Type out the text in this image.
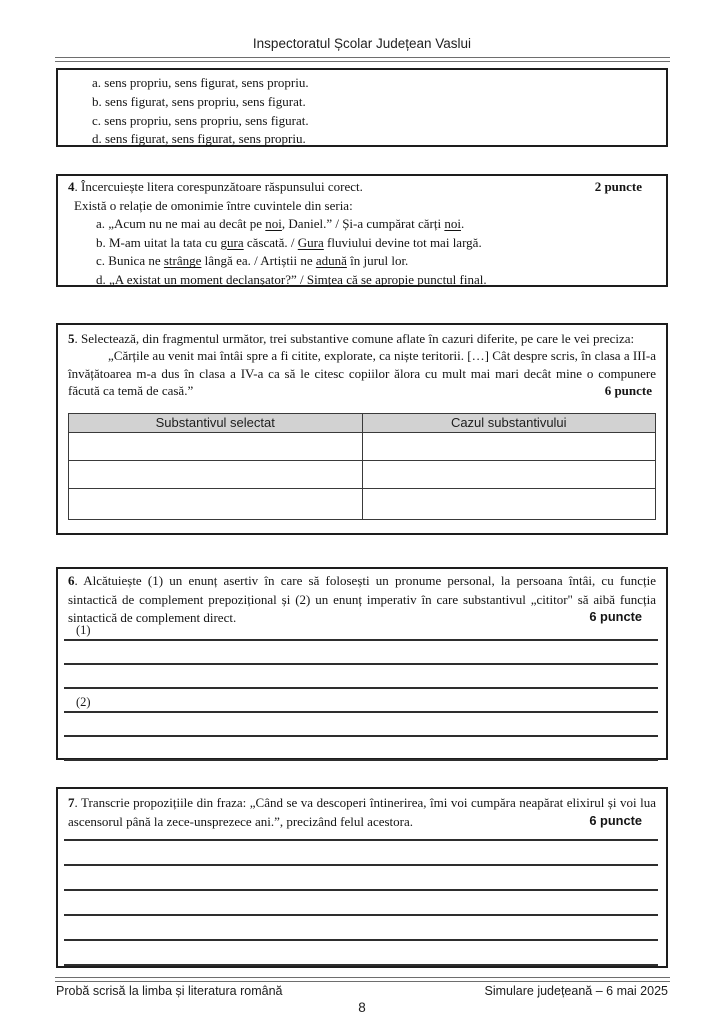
Inspectoratul Școlar Județean Vaslui
a. sens propriu, sens figurat, sens propriu.
b. sens figurat, sens propriu, sens figurat.
c. sens propriu, sens propriu, sens figurat.
d. sens figurat, sens figurat, sens propriu.
4. Încercuiește litera corespunzătoare răspunsului corect.	2 puncte
Există o relație de omonimie între cuvintele din seria:
a. „Acum nu ne mai au decât pe noi, Daniel.” / Și-a cumpărat cărți noi.
b. M-am uitat la tata cu gura căscată. / Gura fluviului devine tot mai largă.
c. Bunica ne strânge lângă ea. / Artiștii ne adună în jurul lor.
d. „A existat un moment declanșator?” / Simțea că se apropie punctul final.
5. Selectează, din fragmentul următor, trei substantive comune aflate în cazuri diferite, pe care le vei preciza:
„Cărțile au venit mai întâi spre a fi citite, explorate, ca niște teritorii. […] Cât despre scris, în clasa a III-a învățătoarea m-a dus în clasa a IV-a ca să le citesc copiilor ălora cu mult mai mari decât mine o compunere făcută ca temă de casă.”	6 puncte
Substantivul selectat	Cazul substantivului

6. Alcătuiește (1) un enunț asertiv în care să folosești un pronume personal, la persoana întâi, cu funcție sintactică de complement prepozițional și (2) un enunț imperativ în care substantivul „cititor" să aibă funcția sintactică de complement direct.	6 puncte
(1)
(2)
7. Transcrie propozițiile din fraza: „Când se va descoperi întinerirea, îmi voi cumpăra neapărat elixirul și voi lua ascensorul până la zece-unsprezece ani.”, precizând felul acestora.	6 puncte
Probă scrisă la limba și literatura română	Simulare județeană – 6 mai 2025
8
